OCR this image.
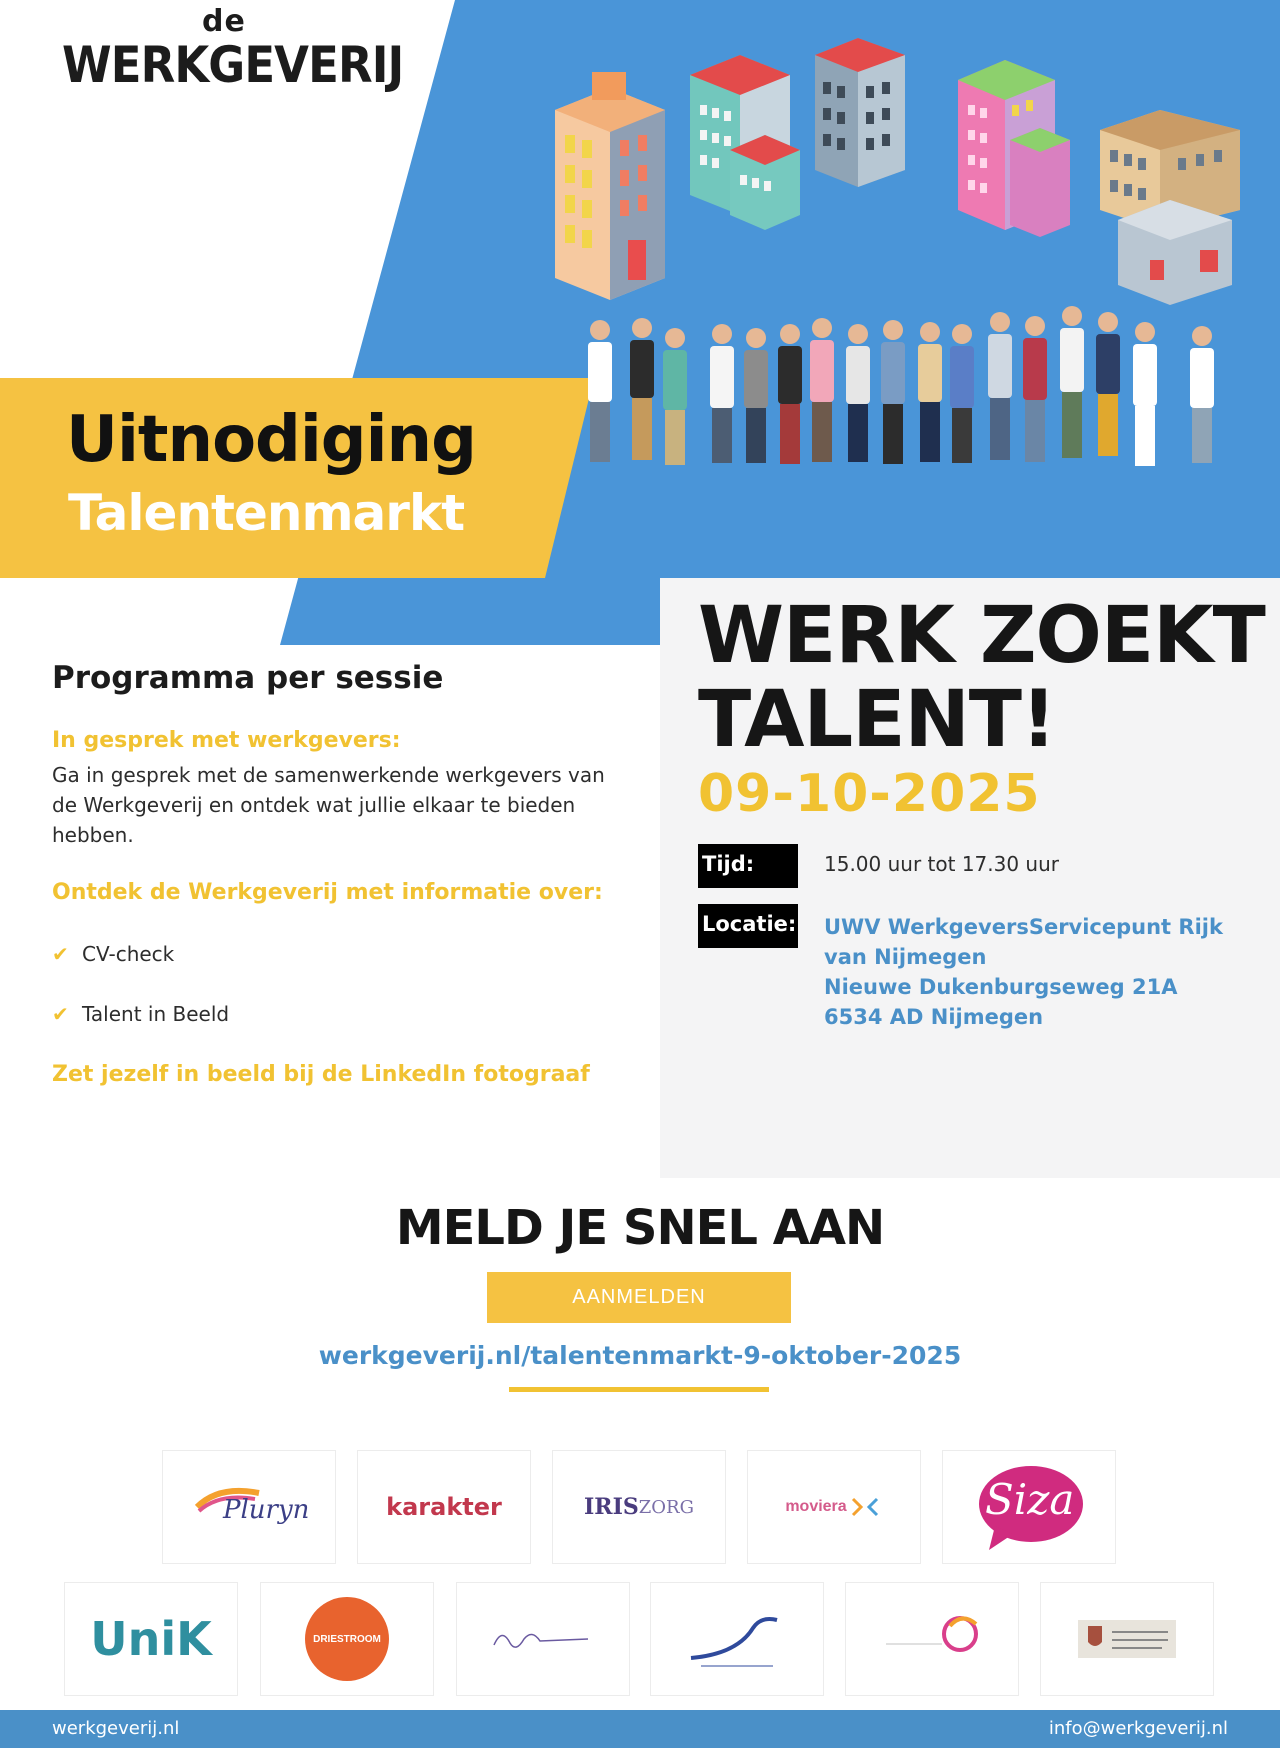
de
WERKGEVERIJ
Uitnodiging
Talentenmarkt
Programma per sessie
In gesprek met werkgevers:
Ga in gesprek met de samenwerkende werkgevers van de Werkgeverij en ontdek wat jullie elkaar te bieden hebben.
Ontdek de Werkgeverij met informatie over:
✔ CV-check
✔ Talent in Beeld
Zet jezelf in beeld bij de LinkedIn fotograaf
WERK ZOEKT
TALENT!
09-10-2025
Tijd:	15.00 uur tot 17.30 uur
Locatie: UWV WerkgeversServicepunt Rijk
van Nijmegen
Nieuwe Dukenburgseweg 21A
6534 AD Nijmegen
MELD JE SNEL AAN
AANMELDEN
werkgeverij.nl/talentenmarkt-9-oktober-2025
Pluryn	karakter	IRIS ZORG	moviera	Siza
UniK	DRIESTROOM
werkgeverij.nl	info@werkgeverij.nl
